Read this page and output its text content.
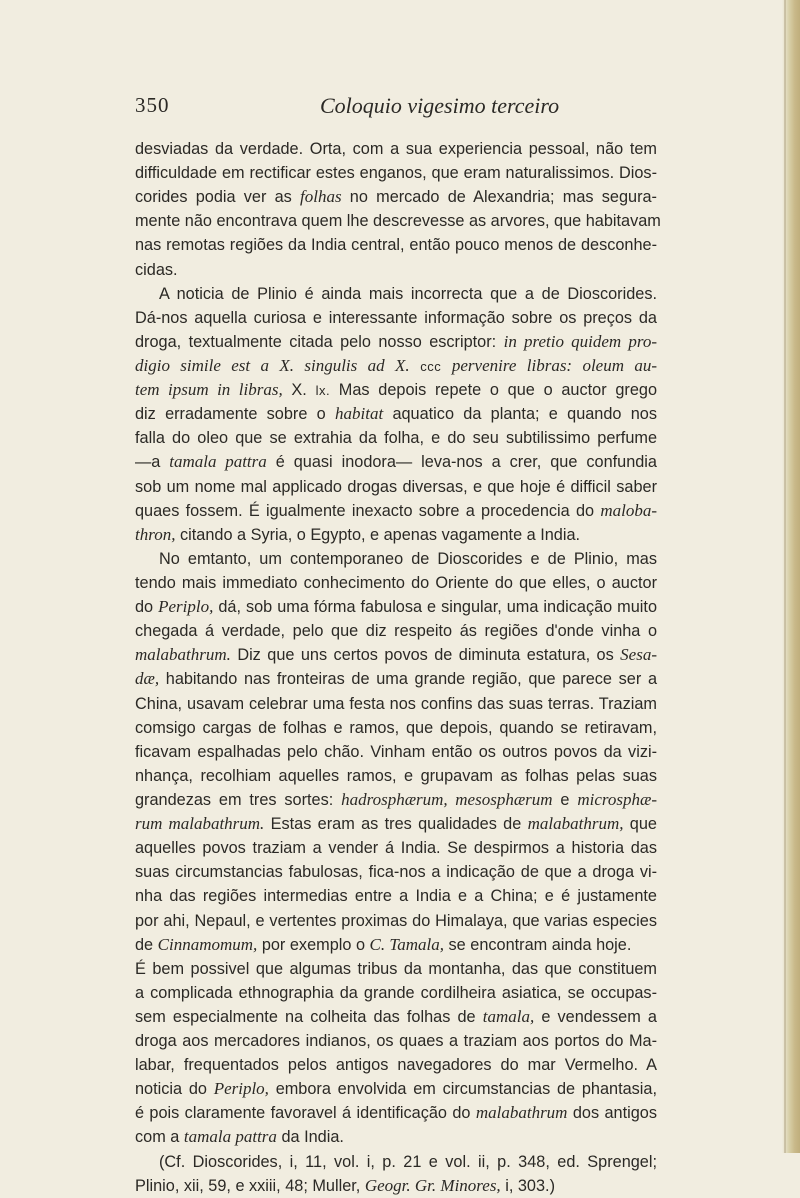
350	Coloquio vigesimo terceiro
desviadas da verdade. Orta, com a sua experiencia pessoal, não tem
difficuldade em rectificar estes enganos, que eram naturalissimos. Dios-
corides podia ver as folhas no mercado de Alexandria; mas segura-
mente não encontrava quem lhe descrevesse as arvores, que habitavam
nas remotas regiões da India central, então pouco menos de desconhe-
cidas.
A noticia de Plinio é ainda mais incorrecta que a de Dioscorides.
Dá-nos aquella curiosa e interessante informação sobre os preços da
droga, textualmente citada pelo nosso escriptor: in pretio quidem pro-
digio simile est a X. singulis ad X. ccc pervenire libras: oleum au-
tem ipsum in libras, X. lx. Mas depois repete o que o auctor grego
diz erradamente sobre o habitat aquatico da planta; e quando nos
falla do oleo que se extrahia da folha, e do seu subtilissimo perfume
—a tamala pattra é quasi inodora— leva-nos a crer, que confundia
sob um nome mal applicado drogas diversas, e que hoje é difficil saber
quaes fossem. É igualmente inexacto sobre a procedencia do maloba-
thron, citando a Syria, o Egypto, e apenas vagamente a India.
No emtanto, um contemporaneo de Dioscorides e de Plinio, mas
tendo mais immediato conhecimento do Oriente do que elles, o auctor
do Periplo, dá, sob uma fórma fabulosa e singular, uma indicação muito
chegada á verdade, pelo que diz respeito ás regiões d'onde vinha o
malabathrum. Diz que uns certos povos de diminuta estatura, os Sesa-
dæ, habitando nas fronteiras de uma grande região, que parece ser a
China, usavam celebrar uma festa nos confins das suas terras. Traziam
comsigo cargas de folhas e ramos, que depois, quando se retiravam,
ficavam espalhadas pelo chão. Vinham então os outros povos da vizi-
nhança, recolhiam aquelles ramos, e grupavam as folhas pelas suas
grandezas em tres sortes: hadrosphærum, mesosphærum e microsphæ-
rum malabathrum. Estas eram as tres qualidades de malabathrum, que
aquelles povos traziam a vender á India. Se despirmos a historia das
suas circumstancias fabulosas, fica-nos a indicação de que a droga vi-
nha das regiões intermedias entre a India e a China; e é justamente
por ahi, Nepaul, e vertentes proximas do Himalaya, que varias especies
de Cinnamomum, por exemplo o C. Tamala, se encontram ainda hoje.
É bem possivel que algumas tribus da montanha, das que constituem
a complicada ethnographia da grande cordilheira asiatica, se occupas-
sem especialmente na colheita das folhas de tamala, e vendessem a
droga aos mercadores indianos, os quaes a traziam aos portos do Ma-
labar, frequentados pelos antigos navegadores do mar Vermelho. A
noticia do Periplo, embora envolvida em circumstancias de phantasia,
é pois claramente favoravel á identificação do malabathrum dos antigos
com a tamala pattra da India.
(Cf. Dioscorides, i, 11, vol. i, p. 21 e vol. ii, p. 348, ed. Sprengel;
Plinio, xii, 59, e xxiii, 48; Muller, Geogr. Gr. Minores, i, 303.)
